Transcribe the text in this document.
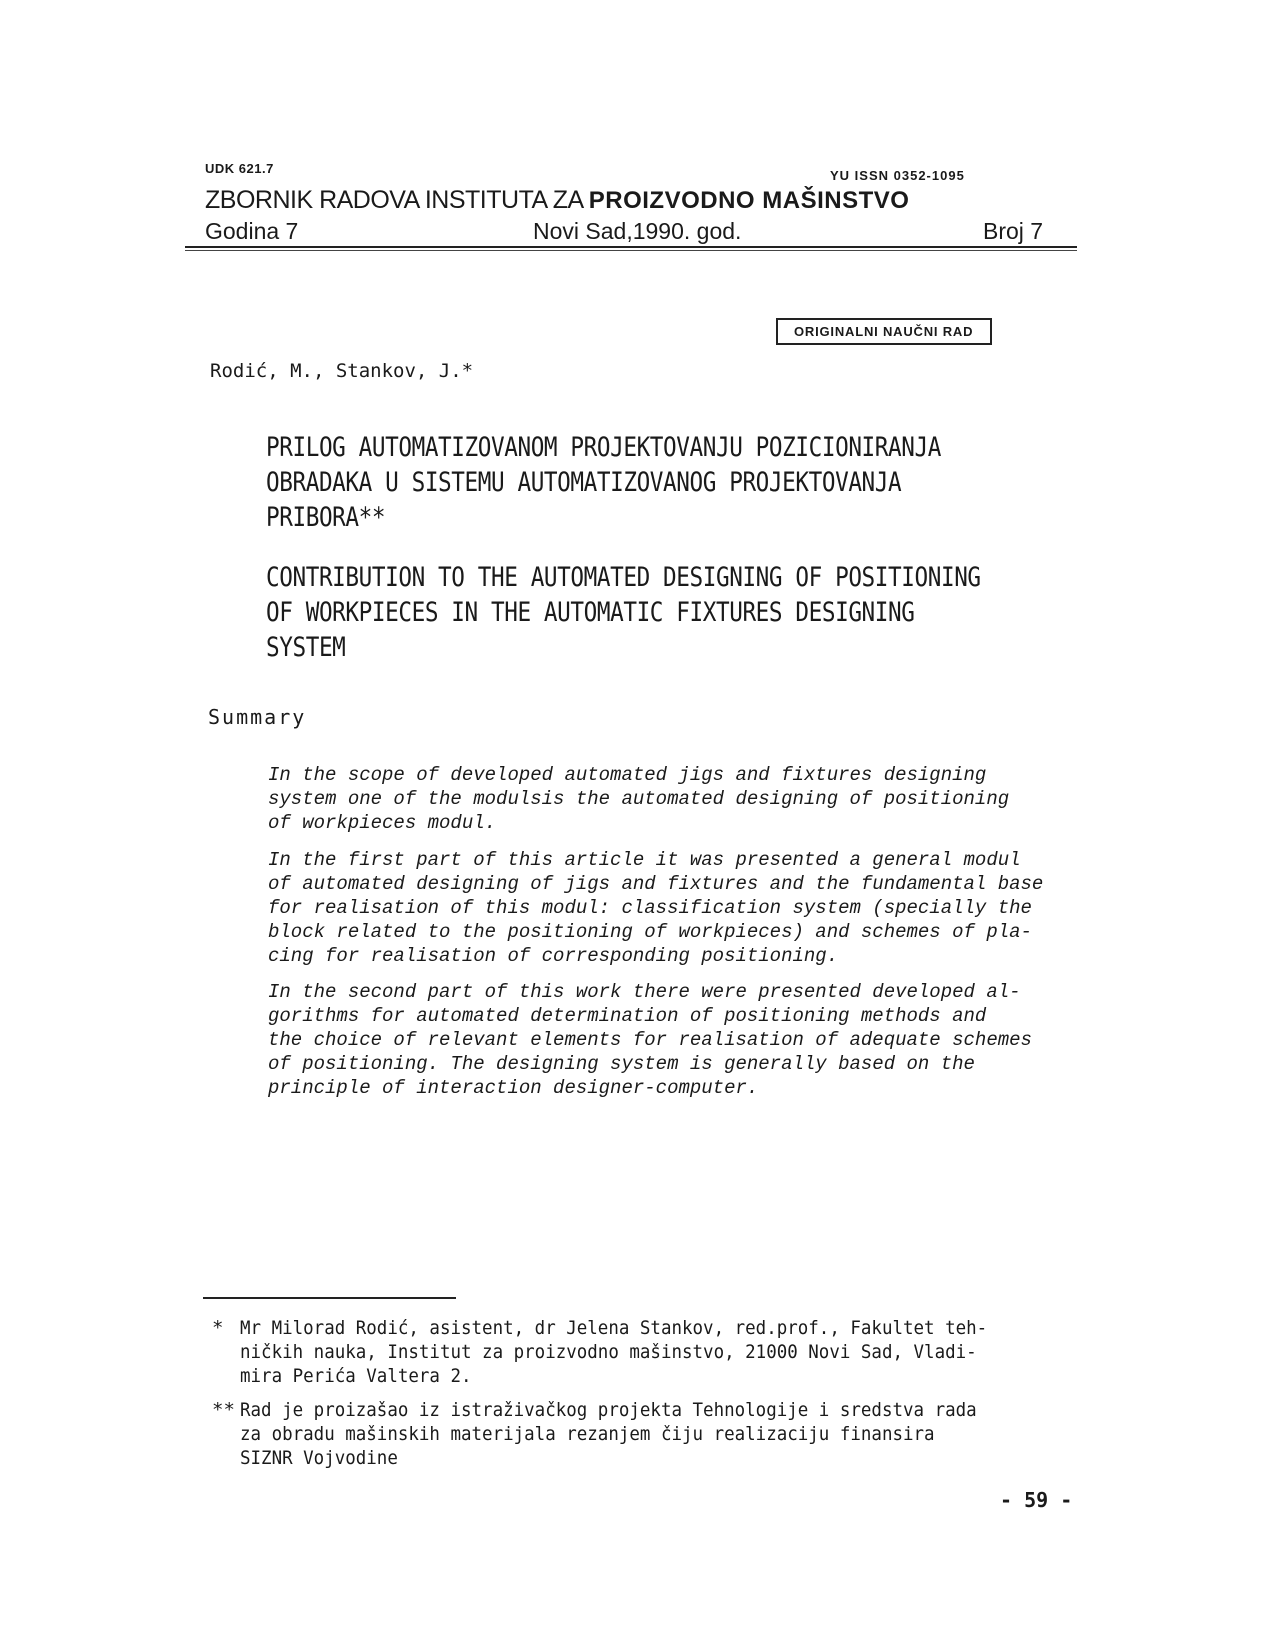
UDK 621.7	YU ISSN 0352-1095
ZBORNIK RADOVA INSTITUTA ZA PROIZVODNO MAŠINSTVO
Godina 7	Novi Sad,1990. god.	Broj 7
ORIGINALNI NAUČNI RAD
Rodić, M., Stankov, J.*
PRILOG AUTOMATIZOVANOM PROJEKTOVANJU POZICIONIRANJA
OBRADAKA U SISTEMU AUTOMATIZOVANOG PROJEKTOVANJA
PRIBORA**
CONTRIBUTION TO THE AUTOMATED DESIGNING OF POSITIONING
OF WORKPIECES IN THE AUTOMATIC FIXTURES DESIGNING
SYSTEM
Summary
In the scope of developed automated jigs and fixtures designing
system one of the modulsis the automated designing of positioning
of workpieces modul.
In the first part of this article it was presented a general modul
of automated designing of jigs and fixtures and the fundamental base
for realisation of this modul: classification system (specially the
block related to the positioning of workpieces) and schemes of pla-
cing for realisation of corresponding positioning.
In the second part of this work there were presented developed al-
gorithms for automated determination of positioning methods and
the choice of relevant elements for realisation of adequate schemes
of positioning. The designing system is generally based on the
principle of interaction designer-computer.
* Mr Milorad Rodić, asistent, dr Jelena Stankov, red.prof., Fakultet teh-
ničkih nauka, Institut za proizvodno mašinstvo, 21000 Novi Sad, Vladi-
mira Perića Valtera 2.
** Rad je proizašao iz istraživačkog projekta Tehnologije i sredstva rada
za obradu mašinskih materijala rezanjem čiju realizaciju finansira
SIZNR Vojvodine
- 59 -
